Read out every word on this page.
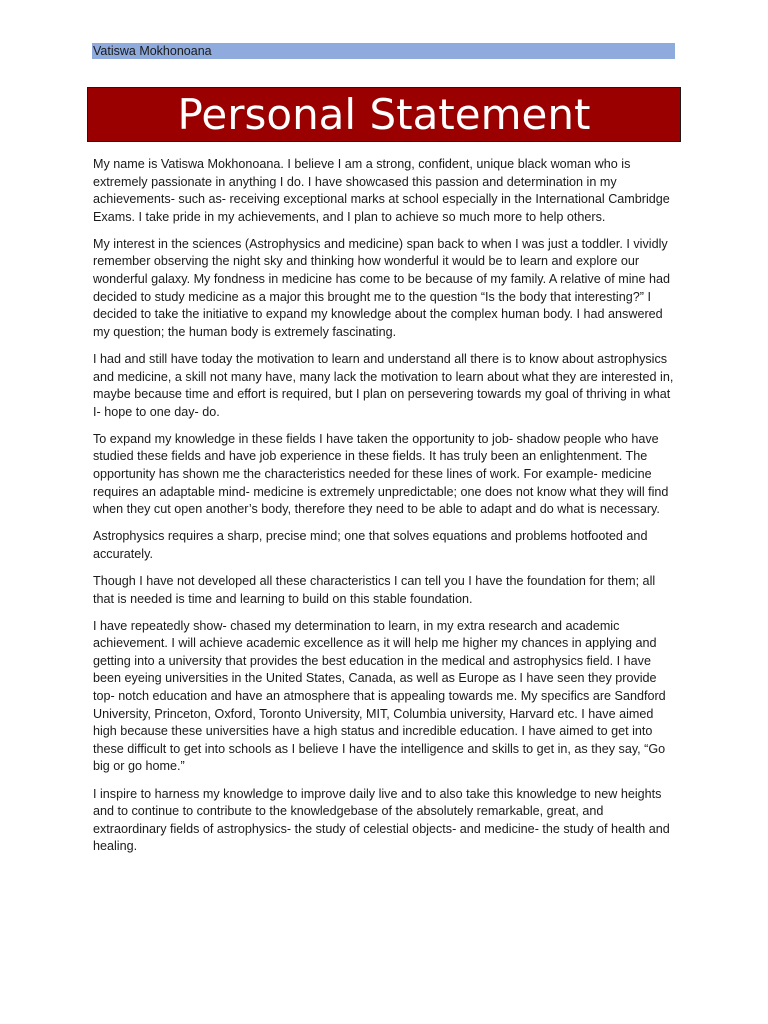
Vatiswa Mokhonoana
Personal Statement

My name is Vatiswa Mokhonoana. I believe I am a strong, confident, unique black woman who is extremely passionate in anything I do. I have showcased this passion and determination in my achievements- such as- receiving exceptional marks at school especially in the International Cambridge Exams. I take pride in my achievements, and I plan to achieve so much more to help others.

My interest in the sciences (Astrophysics and medicine) span back to when I was just a toddler. I vividly remember observing the night sky and thinking how wonderful it would be to learn and explore our wonderful galaxy. My fondness in medicine has come to be because of my family. A relative of mine had decided to study medicine as a major this brought me to the question “Is the body that interesting?” I decided to take the initiative to expand my knowledge about the complex human body. I had answered my question; the human body is extremely fascinating.

I had and still have today the motivation to learn and understand all there is to know about astrophysics and medicine, a skill not many have, many lack the motivation to learn about what they are interested in, maybe because time and effort is required, but I plan on persevering towards my goal of thriving in what I- hope to one day- do.

To expand my knowledge in these fields I have taken the opportunity to job- shadow people who have studied these fields and have job experience in these fields. It has truly been an enlightenment. The opportunity has shown me the characteristics needed for these lines of work. For example- medicine requires an adaptable mind- medicine is extremely unpredictable; one does not know what they will find when they cut open another’s body, therefore they need to be able to adapt and do what is necessary.

Astrophysics requires a sharp, precise mind; one that solves equations and problems hotfooted and accurately.

Though I have not developed all these characteristics I can tell you I have the foundation for them; all that is needed is time and learning to build on this stable foundation.

I have repeatedly show- chased my determination to learn, in my extra research and academic achievement. I will achieve academic excellence as it will help me higher my chances in applying and getting into a university that provides the best education in the medical and astrophysics field. I have been eyeing universities in the United States, Canada, as well as Europe as I have seen they provide top- notch education and have an atmosphere that is appealing towards me. My specifics are Sandford University, Princeton, Oxford, Toronto University, MIT, Columbia university, Harvard etc. I have aimed high because these universities have a high status and incredible education. I have aimed to get into these difficult to get into schools as I believe I have the intelligence and skills to get in, as they say, “Go big or go home.”

I inspire to harness my knowledge to improve daily live and to also take this knowledge to new heights and to continue to contribute to the knowledgebase of the absolutely remarkable, great, and extraordinary fields of astrophysics- the study of celestial objects- and medicine- the study of health and healing.
